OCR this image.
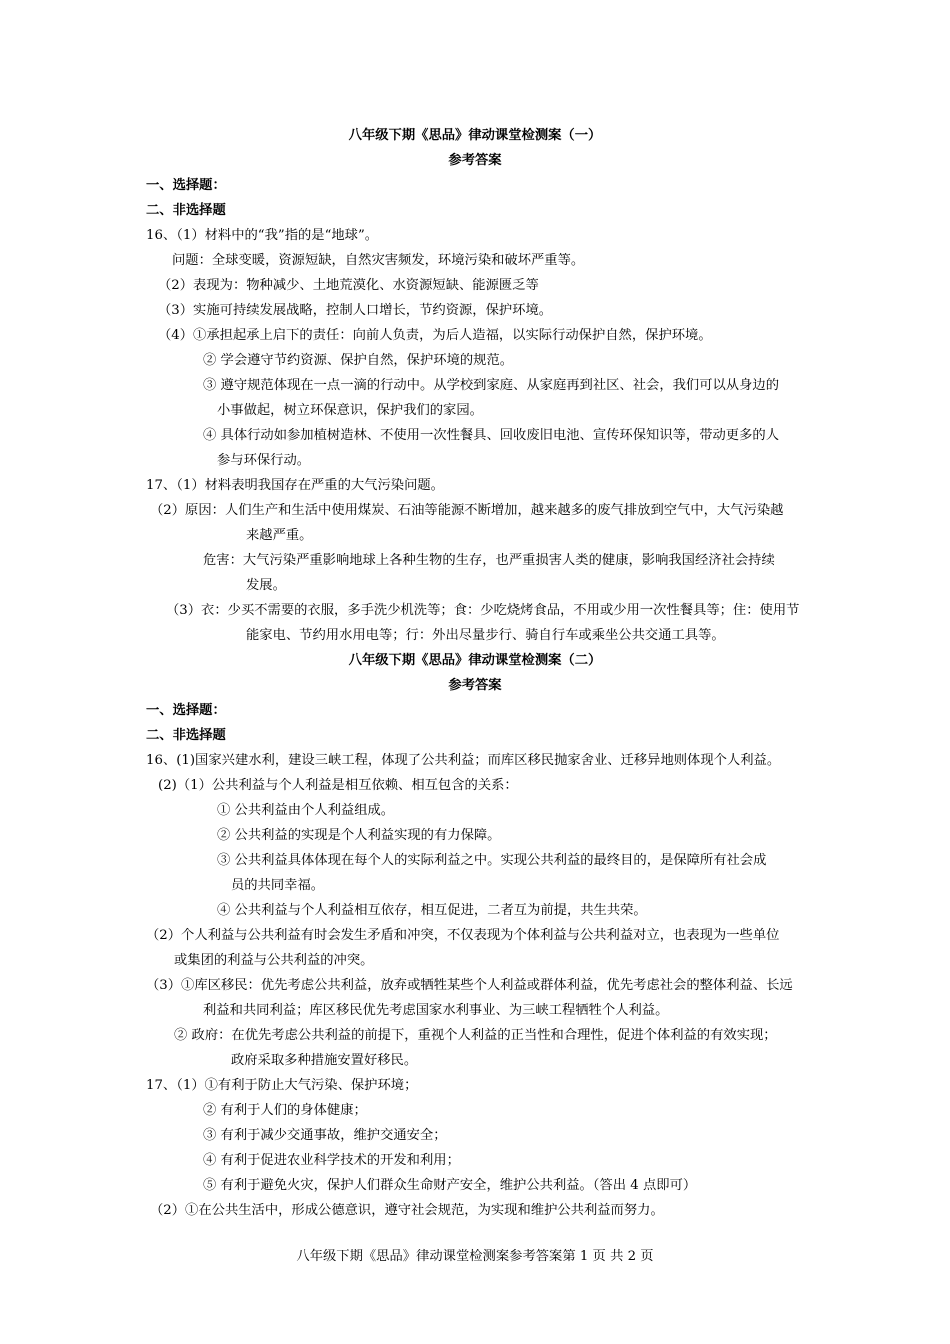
八年级下期《思品》律动课堂检测案（一）
参考答案
一、选择题：
二、非选择题
16、（1）材料中的“我”指的是“地球”。
问题：全球变暖，资源短缺，自然灾害频发，环境污染和破坏严重等。
（2）表现为：物种减少、土地荒漠化、水资源短缺、能源匮乏等
（3）实施可持续发展战略，控制人口增长，节约资源，保护环境。
（4）①承担起承上启下的责任：向前人负责，为后人造福，以实际行动保护自然，保护环境。
② 学会遵守节约资源、保护自然，保护环境的规范。
③ 遵守规范体现在一点一滴的行动中。从学校到家庭、从家庭再到社区、社会，我们可以从身边的
小事做起，树立环保意识，保护我们的家园。
④ 具体行动如参加植树造林、不使用一次性餐具、回收废旧电池、宣传环保知识等，带动更多的人
参与环保行动。
17、（1）材料表明我国存在严重的大气污染问题。
（2）原因：人们生产和生活中使用煤炭、石油等能源不断增加，越来越多的废气排放到空气中，大气污染越
来越严重。
危害：大气污染严重影响地球上各种生物的生存，也严重损害人类的健康，影响我国经济社会持续
发展。
（3）衣：少买不需要的衣服，多手洗少机洗等；食：少吃烧烤食品，不用或少用一次性餐具等；住：使用节
能家电、节约用水用电等；行：外出尽量步行、骑自行车或乘坐公共交通工具等。
八年级下期《思品》律动课堂检测案（二）
参考答案
一、选择题：
二、非选择题
16、(1)国家兴建水利，建设三峡工程，体现了公共利益；而库区移民抛家舍业、迁移异地则体现个人利益。
(2)（1）公共利益与个人利益是相互依赖、相互包含的关系：
① 公共利益由个人利益组成。
② 公共利益的实现是个人利益实现的有力保障。
③ 公共利益具体体现在每个人的实际利益之中。实现公共利益的最终目的，是保障所有社会成
员的共同幸福。
④ 公共利益与个人利益相互依存，相互促进，二者互为前提，共生共荣。
（2）个人利益与公共利益有时会发生矛盾和冲突，不仅表现为个体利益与公共利益对立，也表现为一些单位
或集团的利益与公共利益的冲突。
（3）①库区移民：优先考虑公共利益，放弃或牺牲某些个人利益或群体利益，优先考虑社会的整体利益、长远
利益和共同利益；库区移民优先考虑国家水利事业、为三峡工程牺牲个人利益。
② 政府：在优先考虑公共利益的前提下，重视个人利益的正当性和合理性，促进个体利益的有效实现；
政府采取多种措施安置好移民。
17、（1）①有利于防止大气污染、保护环境；
② 有利于人们的身体健康；
③ 有利于减少交通事故，维护交通安全；
④ 有利于促进农业科学技术的开发和利用；
⑤ 有利于避免火灾，保护人们群众生命财产安全，维护公共利益。（答出 4 点即可）
（2）①在公共生活中，形成公德意识，遵守社会规范，为实现和维护公共利益而努力。
八年级下期《思品》律动课堂检测案参考答案第 1 页 共 2 页
